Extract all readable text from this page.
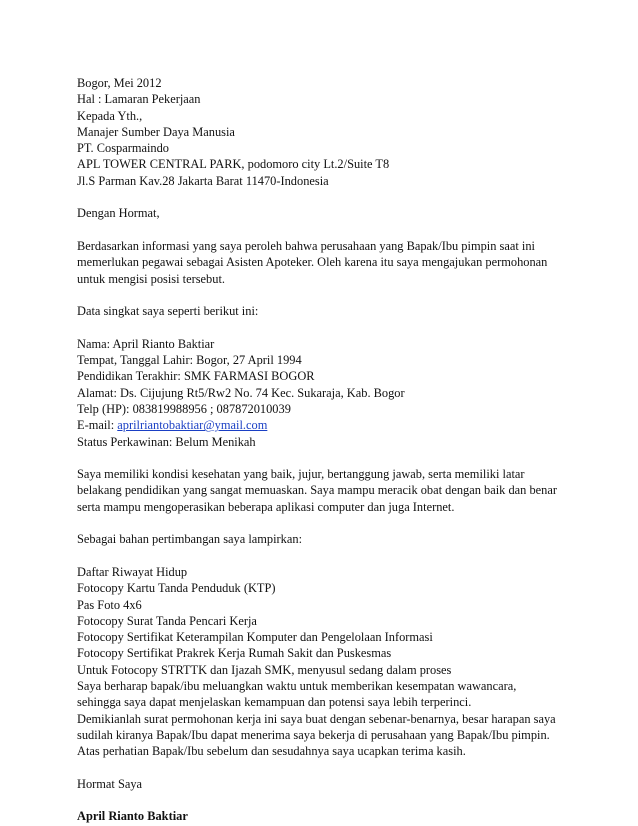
Bogor, Mei 2012
Hal : Lamaran Pekerjaan
Kepada Yth.,
Manajer Sumber Daya Manusia
PT. Cosparmaindo
APL TOWER CENTRAL PARK, podomoro city Lt.2/Suite T8
Jl.S Parman Kav.28 Jakarta Barat 11470-Indonesia
Dengan Hormat,
Berdasarkan informasi yang saya peroleh bahwa perusahaan yang Bapak/Ibu pimpin saat ini
memerlukan pegawai sebagai Asisten Apoteker. Oleh karena itu saya mengajukan permohonan
untuk mengisi posisi tersebut.
Data singkat saya seperti berikut ini:
Nama: April Rianto Baktiar
Tempat, Tanggal Lahir: Bogor, 27 April 1994
Pendidikan Terakhir: SMK FARMASI BOGOR
Alamat: Ds. Cijujung Rt5/Rw2 No. 74 Kec. Sukaraja, Kab. Bogor
Telp (HP): 083819988956 ; 087872010039
E-mail: aprilriantobaktiar@ymail.com
Status Perkawinan: Belum Menikah
Saya memiliki kondisi kesehatan yang baik, jujur, bertanggung jawab, serta memiliki latar
belakang pendidikan yang sangat memuaskan. Saya mampu meracik obat dengan baik dan benar
serta mampu mengoperasikan beberapa aplikasi computer dan juga Internet.
Sebagai bahan pertimbangan saya lampirkan:
Daftar Riwayat Hidup
Fotocopy Kartu Tanda Penduduk (KTP)
Pas Foto 4x6
Fotocopy Surat Tanda Pencari Kerja
Fotocopy Sertifikat Keterampilan Komputer dan Pengelolaan Informasi
Fotocopy Sertifikat Prakrek Kerja Rumah Sakit dan Puskesmas
Untuk Fotocopy STRTTK dan Ijazah SMK, menyusul sedang dalam proses
Saya berharap bapak/ibu meluangkan waktu untuk memberikan kesempatan wawancara,
sehingga saya dapat menjelaskan kemampuan dan potensi saya lebih terperinci.
Demikianlah surat permohonan kerja ini saya buat dengan sebenar-benarnya, besar harapan saya
sudilah kiranya Bapak/Ibu dapat menerima saya bekerja di perusahaan yang Bapak/Ibu pimpin.
Atas perhatian Bapak/Ibu sebelum dan sesudahnya saya ucapkan terima kasih.
Hormat Saya
April Rianto Baktiar
